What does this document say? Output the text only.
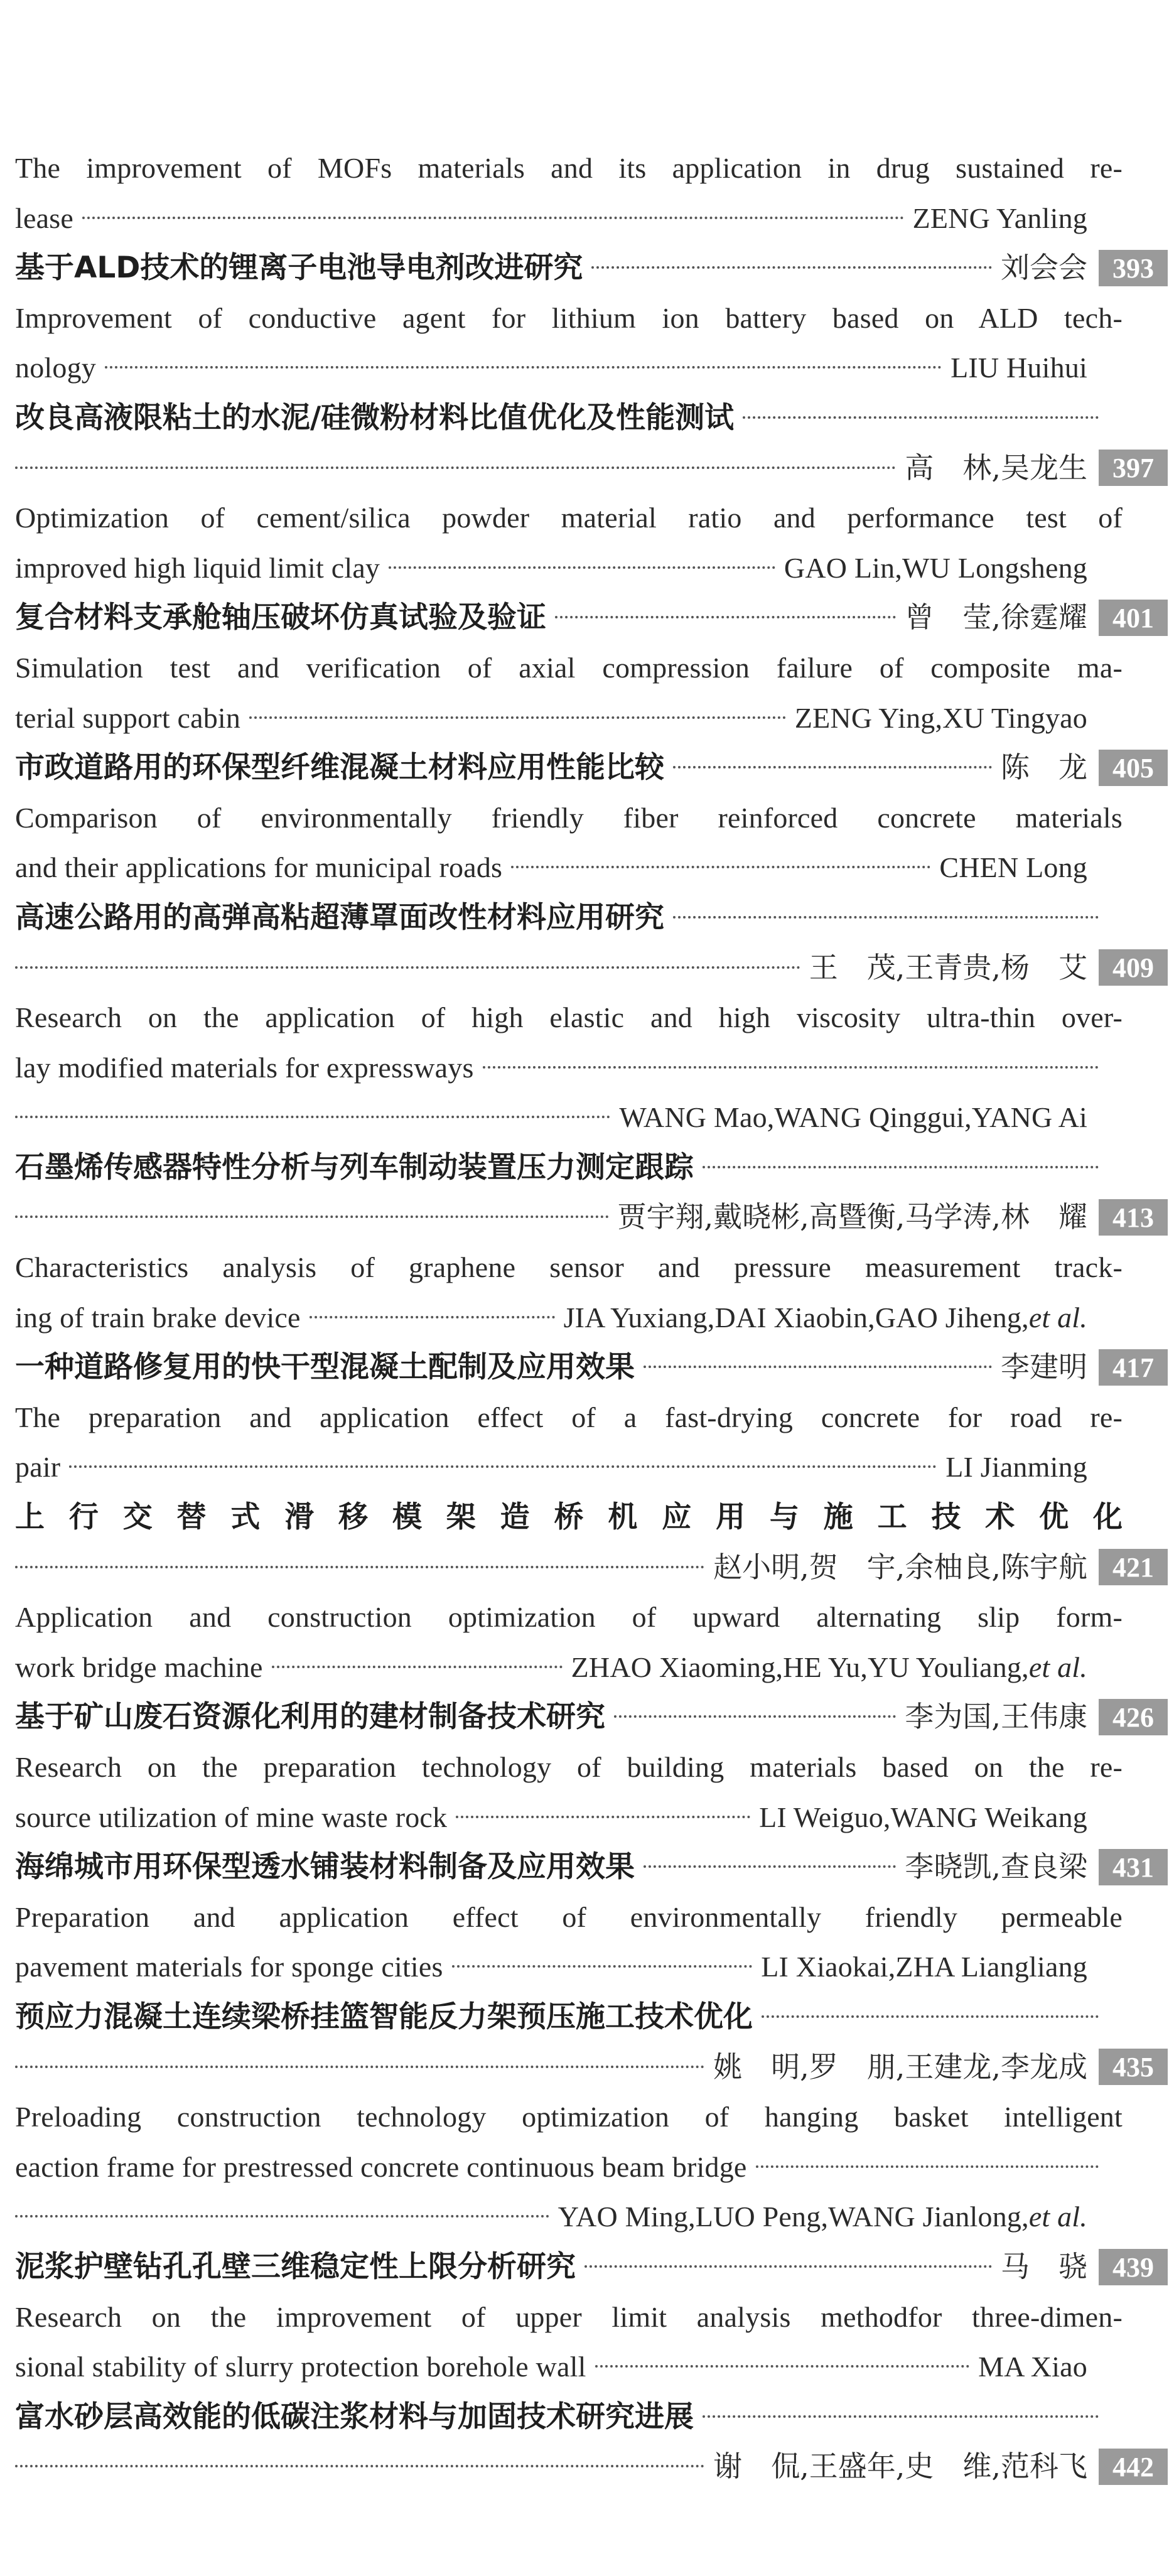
The improvement of MOFs materials and its application in drug sustained re-
lease	ZENG Yanling
基于ALD技术的锂离子电池导电剂改进研究	刘会会 393
Improvement of conductive agent for lithium ion battery based on ALD tech-
nology	LIU Huihui
改良高液限粘土的水泥/硅微粉材料比值优化及性能测试
高　林,吴龙生 397
Optimization of cement/silica powder material ratio and performance test of
improved high liquid limit clay	GAO Lin,WU Longsheng
复合材料支承舱轴压破坏仿真试验及验证	曾　莹,徐霆耀 401
Simulation test and verification of axial compression failure of composite ma-
terial support cabin	ZENG Ying,XU Tingyao
市政道路用的环保型纤维混凝土材料应用性能比较	陈　龙 405
Comparison of environmentally friendly fiber reinforced concrete materials
and their applications for municipal roads	CHEN Long
高速公路用的高弹高粘超薄罩面改性材料应用研究
王　茂,王青贵,杨　艾 409
Research on the application of high elastic and high viscosity ultra-thin over-
lay modified materials for expressways
WANG Mao,WANG Qinggui,YANG Ai
石墨烯传感器特性分析与列车制动装置压力测定跟踪
贾宇翔,戴晓彬,高暨衡,马学涛,林　耀 413
Characteristics analysis of graphene sensor and pressure measurement track-
ing of train brake device	JIA Yuxiang,DAI Xiaobin,GAO Jiheng,et al.
一种道路修复用的快干型混凝土配制及应用效果	李建明 417
The preparation and application effect of a fast-drying concrete for road re-
pair	LI Jianming
上行交替式滑移模架造桥机应用与施工技术优化
赵小明,贺　宇,余柚良,陈宇航 421
Application and construction optimization of upward alternating slip form-
work bridge machine	ZHAO Xiaoming,HE Yu,YU Youliang,et al.
基于矿山废石资源化利用的建材制备技术研究	李为国,王伟康 426
Research on the preparation technology of building materials based on the re-
source utilization of mine waste rock	LI Weiguo,WANG Weikang
海绵城市用环保型透水铺装材料制备及应用效果	李晓凯,查良梁 431
Preparation and application effect of environmentally friendly permeable
pavement materials for sponge cities	LI Xiaokai,ZHA Liangliang
预应力混凝土连续梁桥挂篮智能反力架预压施工技术优化
姚　明,罗　朋,王建龙,李龙成 435
Preloading construction technology optimization of hanging basket intelligent
eaction frame for prestressed concrete continuous beam bridge
YAO Ming,LUO Peng,WANG Jianlong,et al.
泥浆护壁钻孔孔壁三维稳定性上限分析研究	马　骁 439
Research on the improvement of upper limit analysis methodfor three-dimen-
sional stability of slurry protection borehole wall	MA Xiao
富水砂层高效能的低碳注浆材料与加固技术研究进展
谢　侃,王盛年,史　维,范科飞 442
